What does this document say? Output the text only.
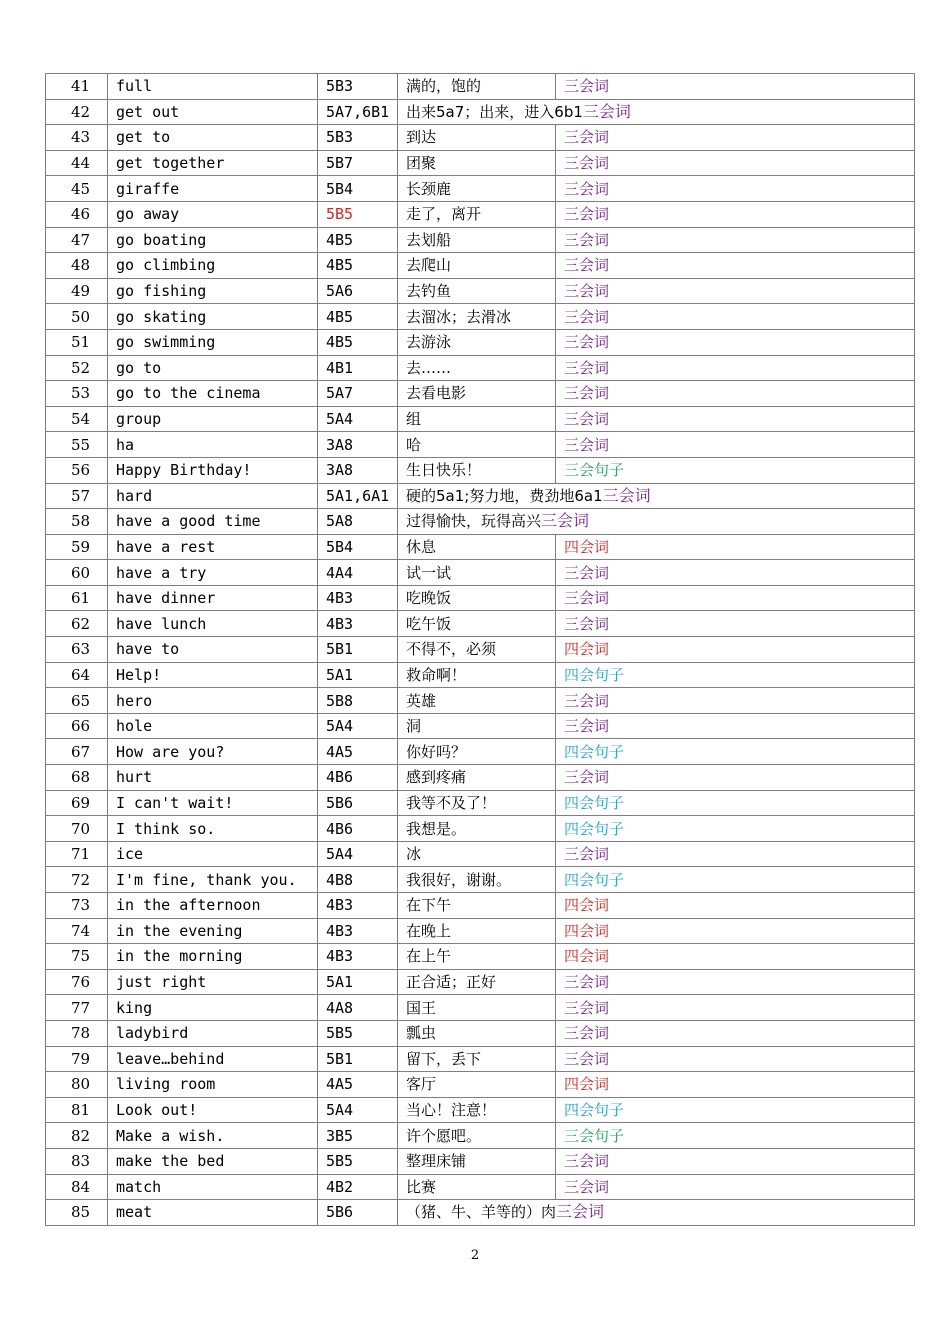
41	full	5B3	满的，饱的	三会词
42	get out	5A7,6B1	出来5a7；出来，进入6b1三会词	
43	get to	5B3	到达	三会词
44	get together	5B7	团聚	三会词
45	giraffe	5B4	长颈鹿	三会词
46	go away	5B5	走了，离开	三会词
47	go boating	4B5	去划船	三会词
48	go climbing	4B5	去爬山	三会词
49	go fishing	5A6	去钓鱼	三会词
50	go skating	4B5	去溜冰；去滑冰	三会词
51	go swimming	4B5	去游泳	三会词
52	go to	4B1	去……	三会词
53	go to the cinema	5A7	去看电影	三会词
54	group	5A4	组	三会词
55	ha	3A8	哈	三会词
56	Happy Birthday!	3A8	生日快乐！	三会句子
57	hard	5A1,6A1	硬的5a1;努力地，费劲地6a1三会词	
58	have a good time	5A8	过得愉快，玩得高兴三会词	
59	have a rest	5B4	休息	四会词
60	have a try	4A4	试一试	三会词
61	have dinner	4B3	吃晚饭	三会词
62	have lunch	4B3	吃午饭	三会词
63	have to	5B1	不得不，必须	四会词
64	Help!	5A1	救命啊！	四会句子
65	hero	5B8	英雄	三会词
66	hole	5A4	洞	三会词
67	How are you?	4A5	你好吗？	四会句子
68	hurt	4B6	感到疼痛	三会词
69	I can't wait!	5B6	我等不及了！	四会句子
70	I think so.	4B6	我想是。	四会句子
71	ice	5A4	冰	三会词
72	I'm fine, thank you.	4B8	我很好，谢谢。	四会句子
73	in the afternoon	4B3	在下午	四会词
74	in the evening	4B3	在晚上	四会词
75	in the morning	4B3	在上午	四会词
76	just right	5A1	正合适；正好	三会词
77	king	4A8	国王	三会词
78	ladybird	5B5	瓢虫	三会词
79	leave…behind	5B1	留下，丢下	三会词
80	living room	4A5	客厅	四会词
81	Look out!	5A4	当心！注意！	四会句子
82	Make a wish.	3B5	许个愿吧。	三会句子
83	make the bed	5B5	整理床铺	三会词
84	match	4B2	比赛	三会词
85	meat	5B6	（猪、牛、羊等的）肉三会词	
2
